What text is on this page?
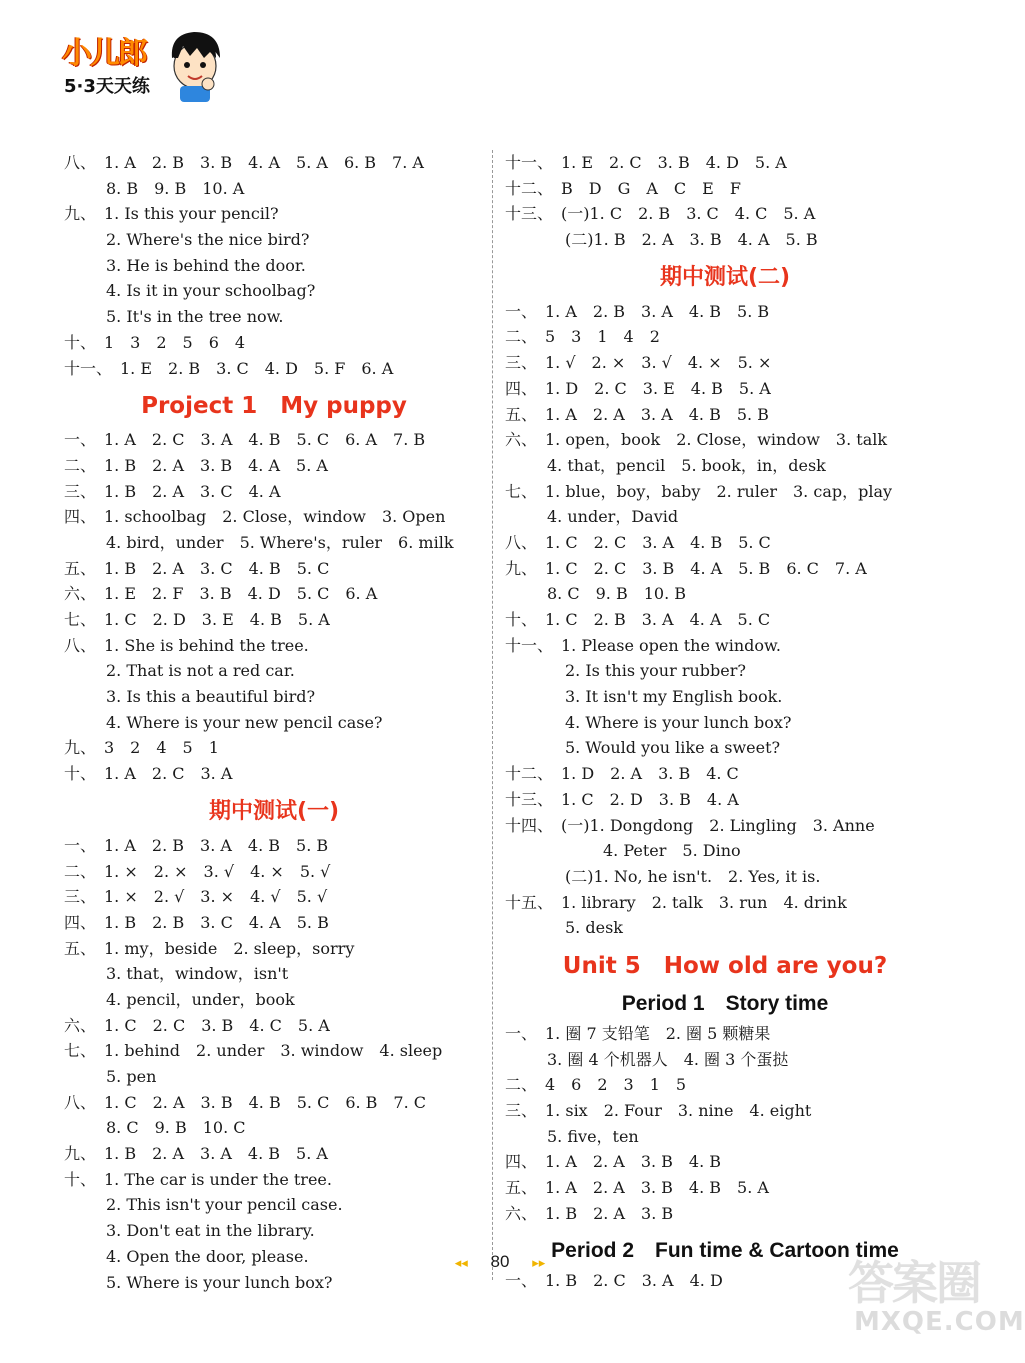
小儿郎
5·3天天练
八、 1. A　2. B　3. B　4. A　5. A　6. B　7. A
8. B　9. B　10. A
九、 1. Is this your pencil?
2. Where's the nice bird?
3. He is behind the door.
4. Is it in your schoolbag?
5. It's in the tree now.
十、 1　3　2　5　6　4
十一、 1. E　2. B　3. C　4. D　5. F　6. A
Project 1　My puppy
一、 1. A　2. C　3. A　4. B　5. C　6. A　7. B
二、 1. B　2. A　3. B　4. A　5. A
三、 1. B　2. A　3. C　4. A
四、 1. schoolbag　2. Close，window　3. Open
4. bird，under　5. Where's，ruler　6. milk
五、 1. B　2. A　3. C　4. B　5. C
六、 1. E　2. F　3. B　4. D　5. C　6. A
七、 1. C　2. D　3. E　4. B　5. A
八、 1. She is behind the tree.
2. That is not a red car.
3. Is this a beautiful bird?
4. Where is your new pencil case?
九、 3　2　4　5　1
十、 1. A　2. C　3. A
期中测试(一)
一、 1. A　2. B　3. A　4. B　5. B
二、 1. ×　2. ×　3. √　4. ×　5. √
三、 1. ×　2. √　3. ×　4. √　5. √
四、 1. B　2. B　3. C　4. A　5. B
五、 1. my，beside　2. sleep，sorry
3. that，window，isn't
4. pencil，under，book
六、 1. C　2. C　3. B　4. C　5. A
七、 1. behind　2. under　3. window　4. sleep
5. pen
八、 1. C　2. A　3. B　4. B　5. C　6. B　7. C
8. C　9. B　10. C
九、 1. B　2. A　3. A　4. B　5. A
十、 1. The car is under the tree.
2. This isn't your pencil case.
3. Don't eat in the library.
4. Open the door, please.
5. Where is your lunch box?
十一、 1. E　2. C　3. B　4. D　5. A
十二、 B　D　G　A　C　E　F
十三、 (一)1. C　2. B　3. C　4. C　5. A
(二)1. B　2. A　3. B　4. A　5. B
期中测试(二)
一、 1. A　2. B　3. A　4. B　5. B
二、 5　3　1　4　2
三、 1. √　2. ×　3. √　4. ×　5. ×
四、 1. D　2. C　3. E　4. B　5. A
五、 1. A　2. A　3. A　4. B　5. B
六、 1. open，book　2. Close，window　3. talk
4. that，pencil　5. book，in，desk
七、 1. blue，boy，baby　2. ruler　3. cap，play
4. under，David
八、 1. C　2. C　3. A　4. B　5. C
九、 1. C　2. C　3. B　4. A　5. B　6. C　7. A
8. C　9. B　10. B
十、 1. C　2. B　3. A　4. A　5. C
十一、 1. Please open the window.
2. Is this your rubber?
3. It isn't my English book.
4. Where is your lunch box?
5. Would you like a sweet?
十二、 1. D　2. A　3. B　4. C
十三、 1. C　2. D　3. B　4. A
十四、 (一)1. Dongdong　2. Lingling　3. Anne
4. Peter　5. Dino
(二)1. No, he isn't.　2. Yes, it is.
十五、 1. library　2. talk　3. run　4. drink
5. desk
Unit 5　How old are you?
Period 1　Story time
一、 1. 圈 7 支铅笔　2. 圈 5 颗糖果
3. 圈 4 个机器人　4. 圈 3 个蛋挞
二、 4　6　2　3　1　5
三、 1. six　2. Four　3. nine　4. eight
5. five，ten
四、 1. A　2. A　3. B　4. B
五、 1. A　2. A　3. B　4. B　5. A
六、 1. B　2. A　3. B
Period 2　Fun time & Cartoon time
一、 1. B　2. C　3. A　4. D
◂◂ 80 ▸▸	答案圈
MXQE.COM
